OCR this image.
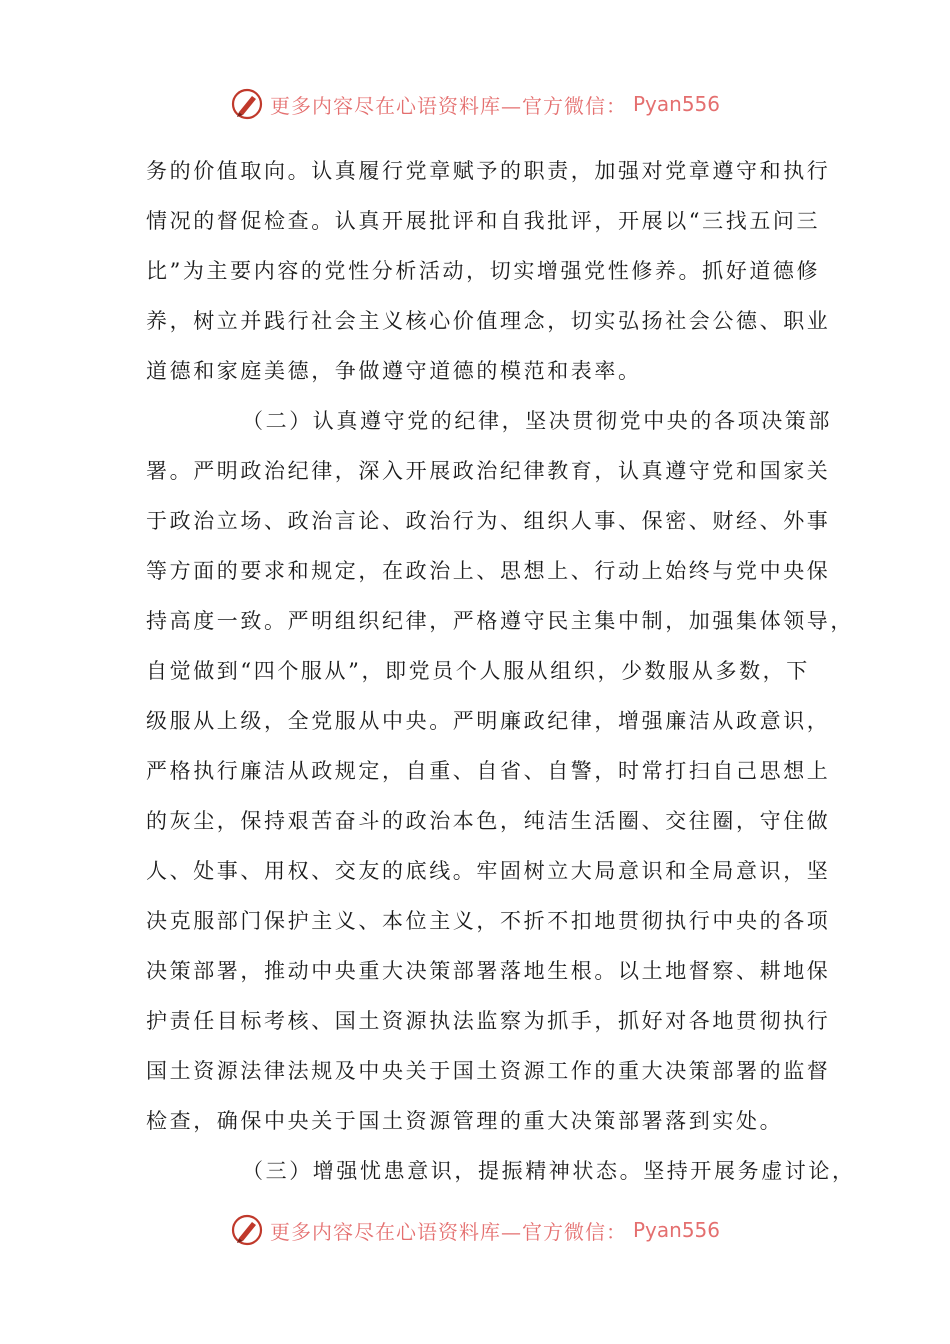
更多内容尽在心语资料库—官方微信： Pyan556
务的价值取向。认真履行党章赋予的职责，加强对党章遵守和执行
情况的督促检查。认真开展批评和自我批评，开展以“三找五问三
比”为主要内容的党性分析活动，切实增强党性修养。抓好道德修
养，树立并践行社会主义核心价值理念，切实弘扬社会公德、职业
道德和家庭美德，争做遵守道德的模范和表率。
（二）认真遵守党的纪律，坚决贯彻党中央的各项决策部
署。严明政治纪律，深入开展政治纪律教育，认真遵守党和国家关
于政治立场、政治言论、政治行为、组织人事、保密、财经、外事
等方面的要求和规定，在政治上、思想上、行动上始终与党中央保
持高度一致。严明组织纪律，严格遵守民主集中制，加强集体领导，
自觉做到“四个服从”，即党员个人服从组织，少数服从多数，下
级服从上级，全党服从中央。严明廉政纪律，增强廉洁从政意识，
严格执行廉洁从政规定，自重、自省、自警，时常打扫自己思想上
的灰尘，保持艰苦奋斗的政治本色，纯洁生活圈、交往圈，守住做
人、处事、用权、交友的底线。牢固树立大局意识和全局意识，坚
决克服部门保护主义、本位主义，不折不扣地贯彻执行中央的各项
决策部署，推动中央重大决策部署落地生根。以土地督察、耕地保
护责任目标考核、国土资源执法监察为抓手，抓好对各地贯彻执行
国土资源法律法规及中央关于国土资源工作的重大决策部署的监督
检查，确保中央关于国土资源管理的重大决策部署落到实处。
（三）增强忧患意识，提振精神状态。坚持开展务虚讨论，
更多内容尽在心语资料库—官方微信： Pyan556
